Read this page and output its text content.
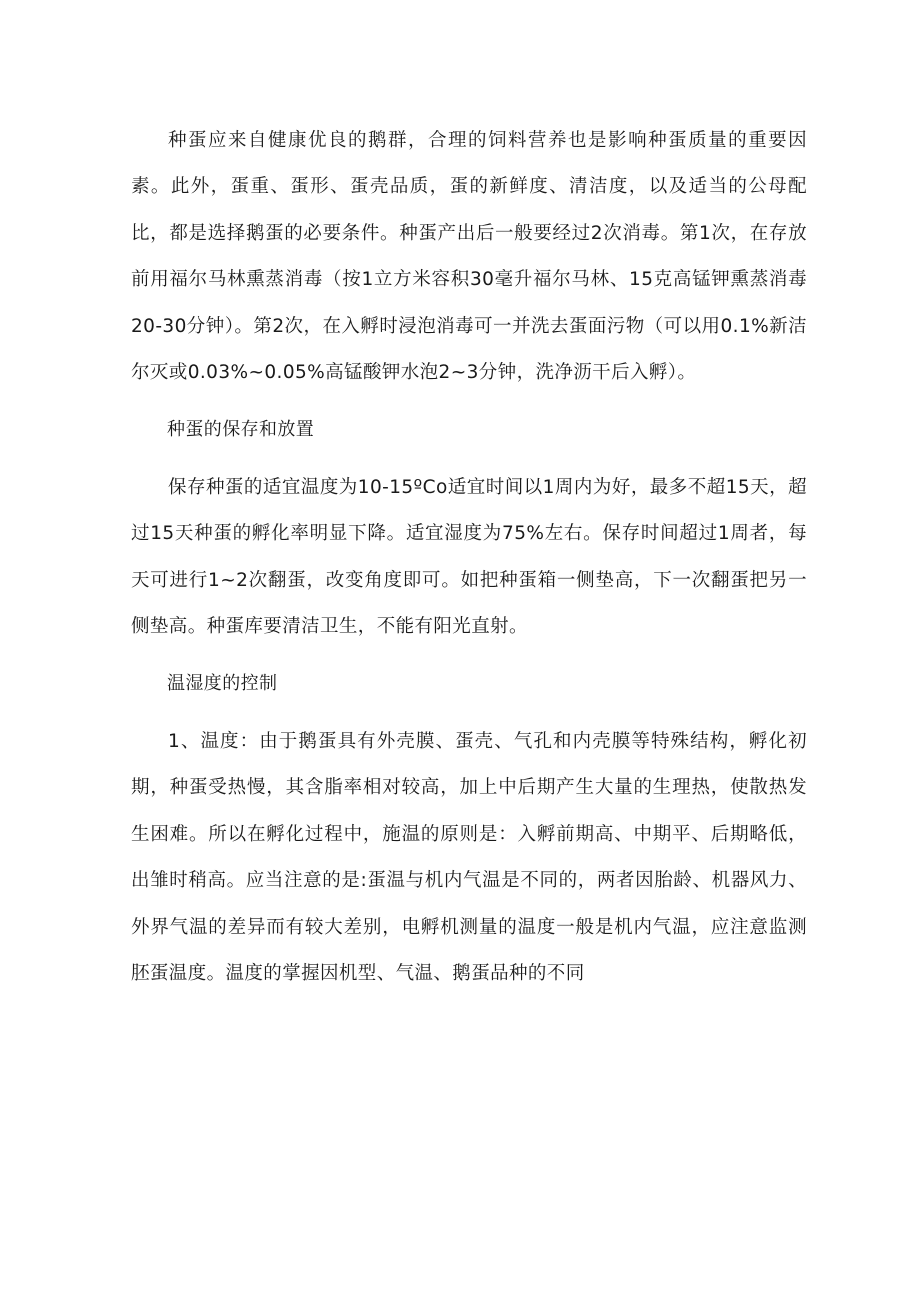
种蛋应来自健康优良的鹅群，合理的饲料营养也是影响种蛋质量的重要因素。此外，蛋重、蛋形、蛋壳品质，蛋的新鲜度、清洁度，以及适当的公母配比，都是选择鹅蛋的必要条件。种蛋产出后一般要经过2次消毒。第1次，在存放前用福尔马林熏蒸消毒（按1立方米容积30毫升福尔马林、15克高锰钾熏蒸消毒20-30分钟）。第2次，在入孵时浸泡消毒可一并洗去蛋面污物（可以用0.1%新洁尔灭或0.03%~0.05%高锰酸钾水泡2~3分钟，洗净沥干后入孵）。

种蛋的保存和放置

保存种蛋的适宜温度为10-15ºCo适宜时间以1周内为好，最多不超15天，超过15天种蛋的孵化率明显下降。适宜湿度为75%左右。保存时间超过1周者，每天可进行1~2次翻蛋，改变角度即可。如把种蛋箱一侧垫高，下一次翻蛋把另一侧垫高。种蛋库要清洁卫生，不能有阳光直射。

温湿度的控制

1、温度：由于鹅蛋具有外壳膜、蛋壳、气孔和内壳膜等特殊结构，孵化初期，种蛋受热慢，其含脂率相对较高，加上中后期产生大量的生理热，使散热发生困难。所以在孵化过程中，施温的原则是：入孵前期高、中期平、后期略低，出雏时稍高。应当注意的是:蛋温与机内气温是不同的，两者因胎龄、机器风力、外界气温的差异而有较大差别，电孵机测量的温度一般是机内气温，应注意监测胚蛋温度。温度的掌握因机型、气温、鹅蛋品种的不同
